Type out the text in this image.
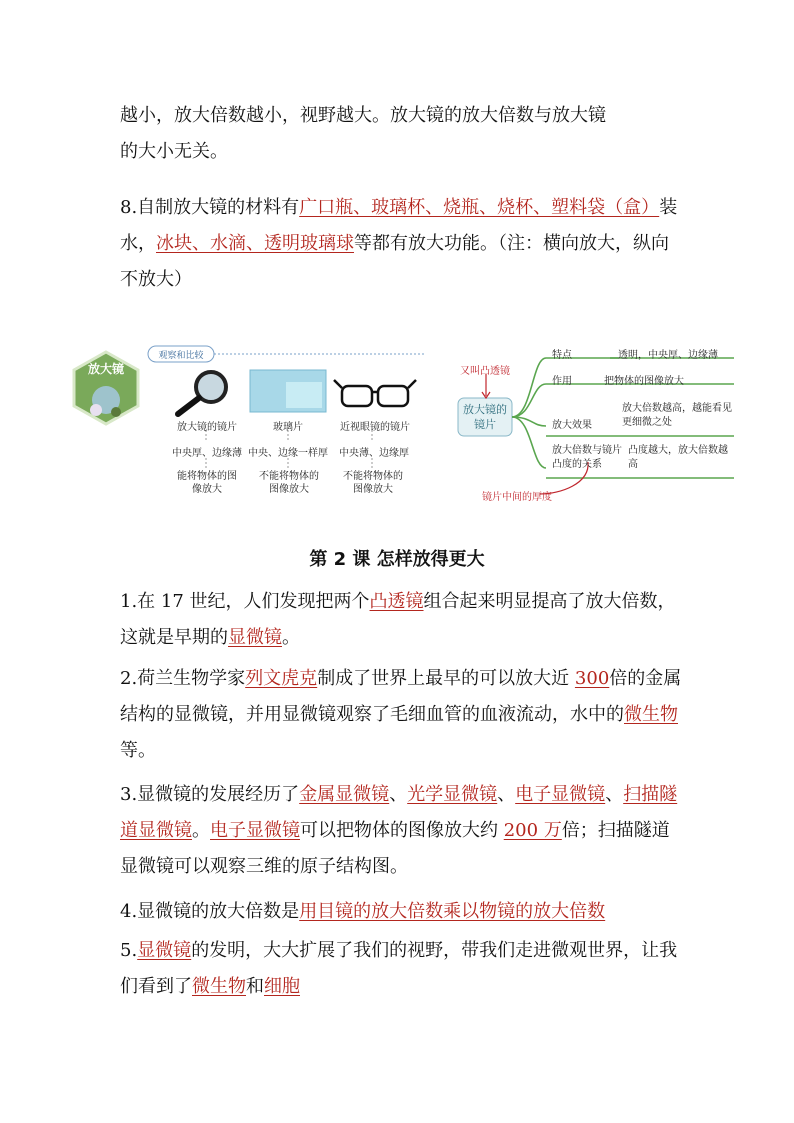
越小，放大倍数越小，视野越大。放大镜的放大倍数与放大镜
的大小无关。

8.自制放大镜的材料有广口瓶、玻璃杯、烧瓶、烧杯、塑料袋（盒）装水，冰块、水滴、透明玻璃球等都有放大功能。（注：横向放大，纵向不放大）

放大镜
观察和比较
放大镜的镜片
中央厚、边缘薄
能将物体的图像放大
玻璃片
中央、边缘一样厚
不能将物体的图像放大
近视眼镜的镜片
中央薄、边缘厚
不能将物体的图像放大
放大镜的镜片
又叫凸透镜
镜片中间的厚度
特点	透明，中央厚、边缘薄
作用	把物体的图像放大
放大效果
放大倍数越高，越能看见更细微之处
放大倍数与镜片凸度的关系
凸度越大，放大倍数越高
第 2 课 怎样放得更大

1.在 17 世纪，人们发现把两个凸透镜组合起来明显提高了放大倍数，这就是早期的显微镜。

2.荷兰生物学家列文虎克制成了世界上最早的可以放大近 300倍的金属结构的显微镜，并用显微镜观察了毛细血管的血液流动，水中的微生物等。

3.显微镜的发展经历了金属显微镜、光学显微镜、电子显微镜、扫描隧道显微镜。电子显微镜可以把物体的图像放大约 200 万倍；扫描隧道显微镜可以观察三维的原子结构图。

4.显微镜的放大倍数是用目镜的放大倍数乘以物镜的放大倍数

5.显微镜的发明，大大扩展了我们的视野，带我们走进微观世界，让我们看到了微生物和细胞
